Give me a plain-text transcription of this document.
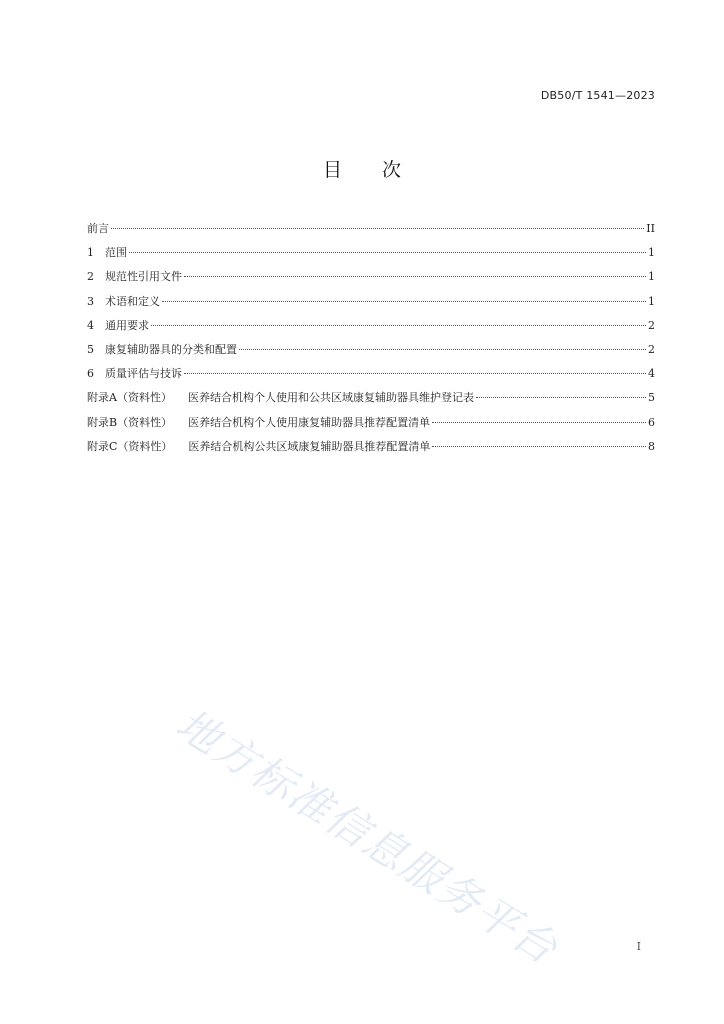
DB50/T 1541—2023
目 次
前言	II
1	范围	1
2	规范性引用文件	1
3	术语和定义	1
4	通用要求	2
5	康复辅助器具的分类和配置	2
6	质量评估与技诉	4
附录A（资料性） 医养结合机构个人使用和公共区域康复辅助器具维护登记表	5
附录B（资料性） 医养结合机构个人使用康复辅助器具推荐配置清单	6
附录C（资料性） 医养结合机构公共区域康复辅助器具推荐配置清单	8
地方标准信息服务平台	I
